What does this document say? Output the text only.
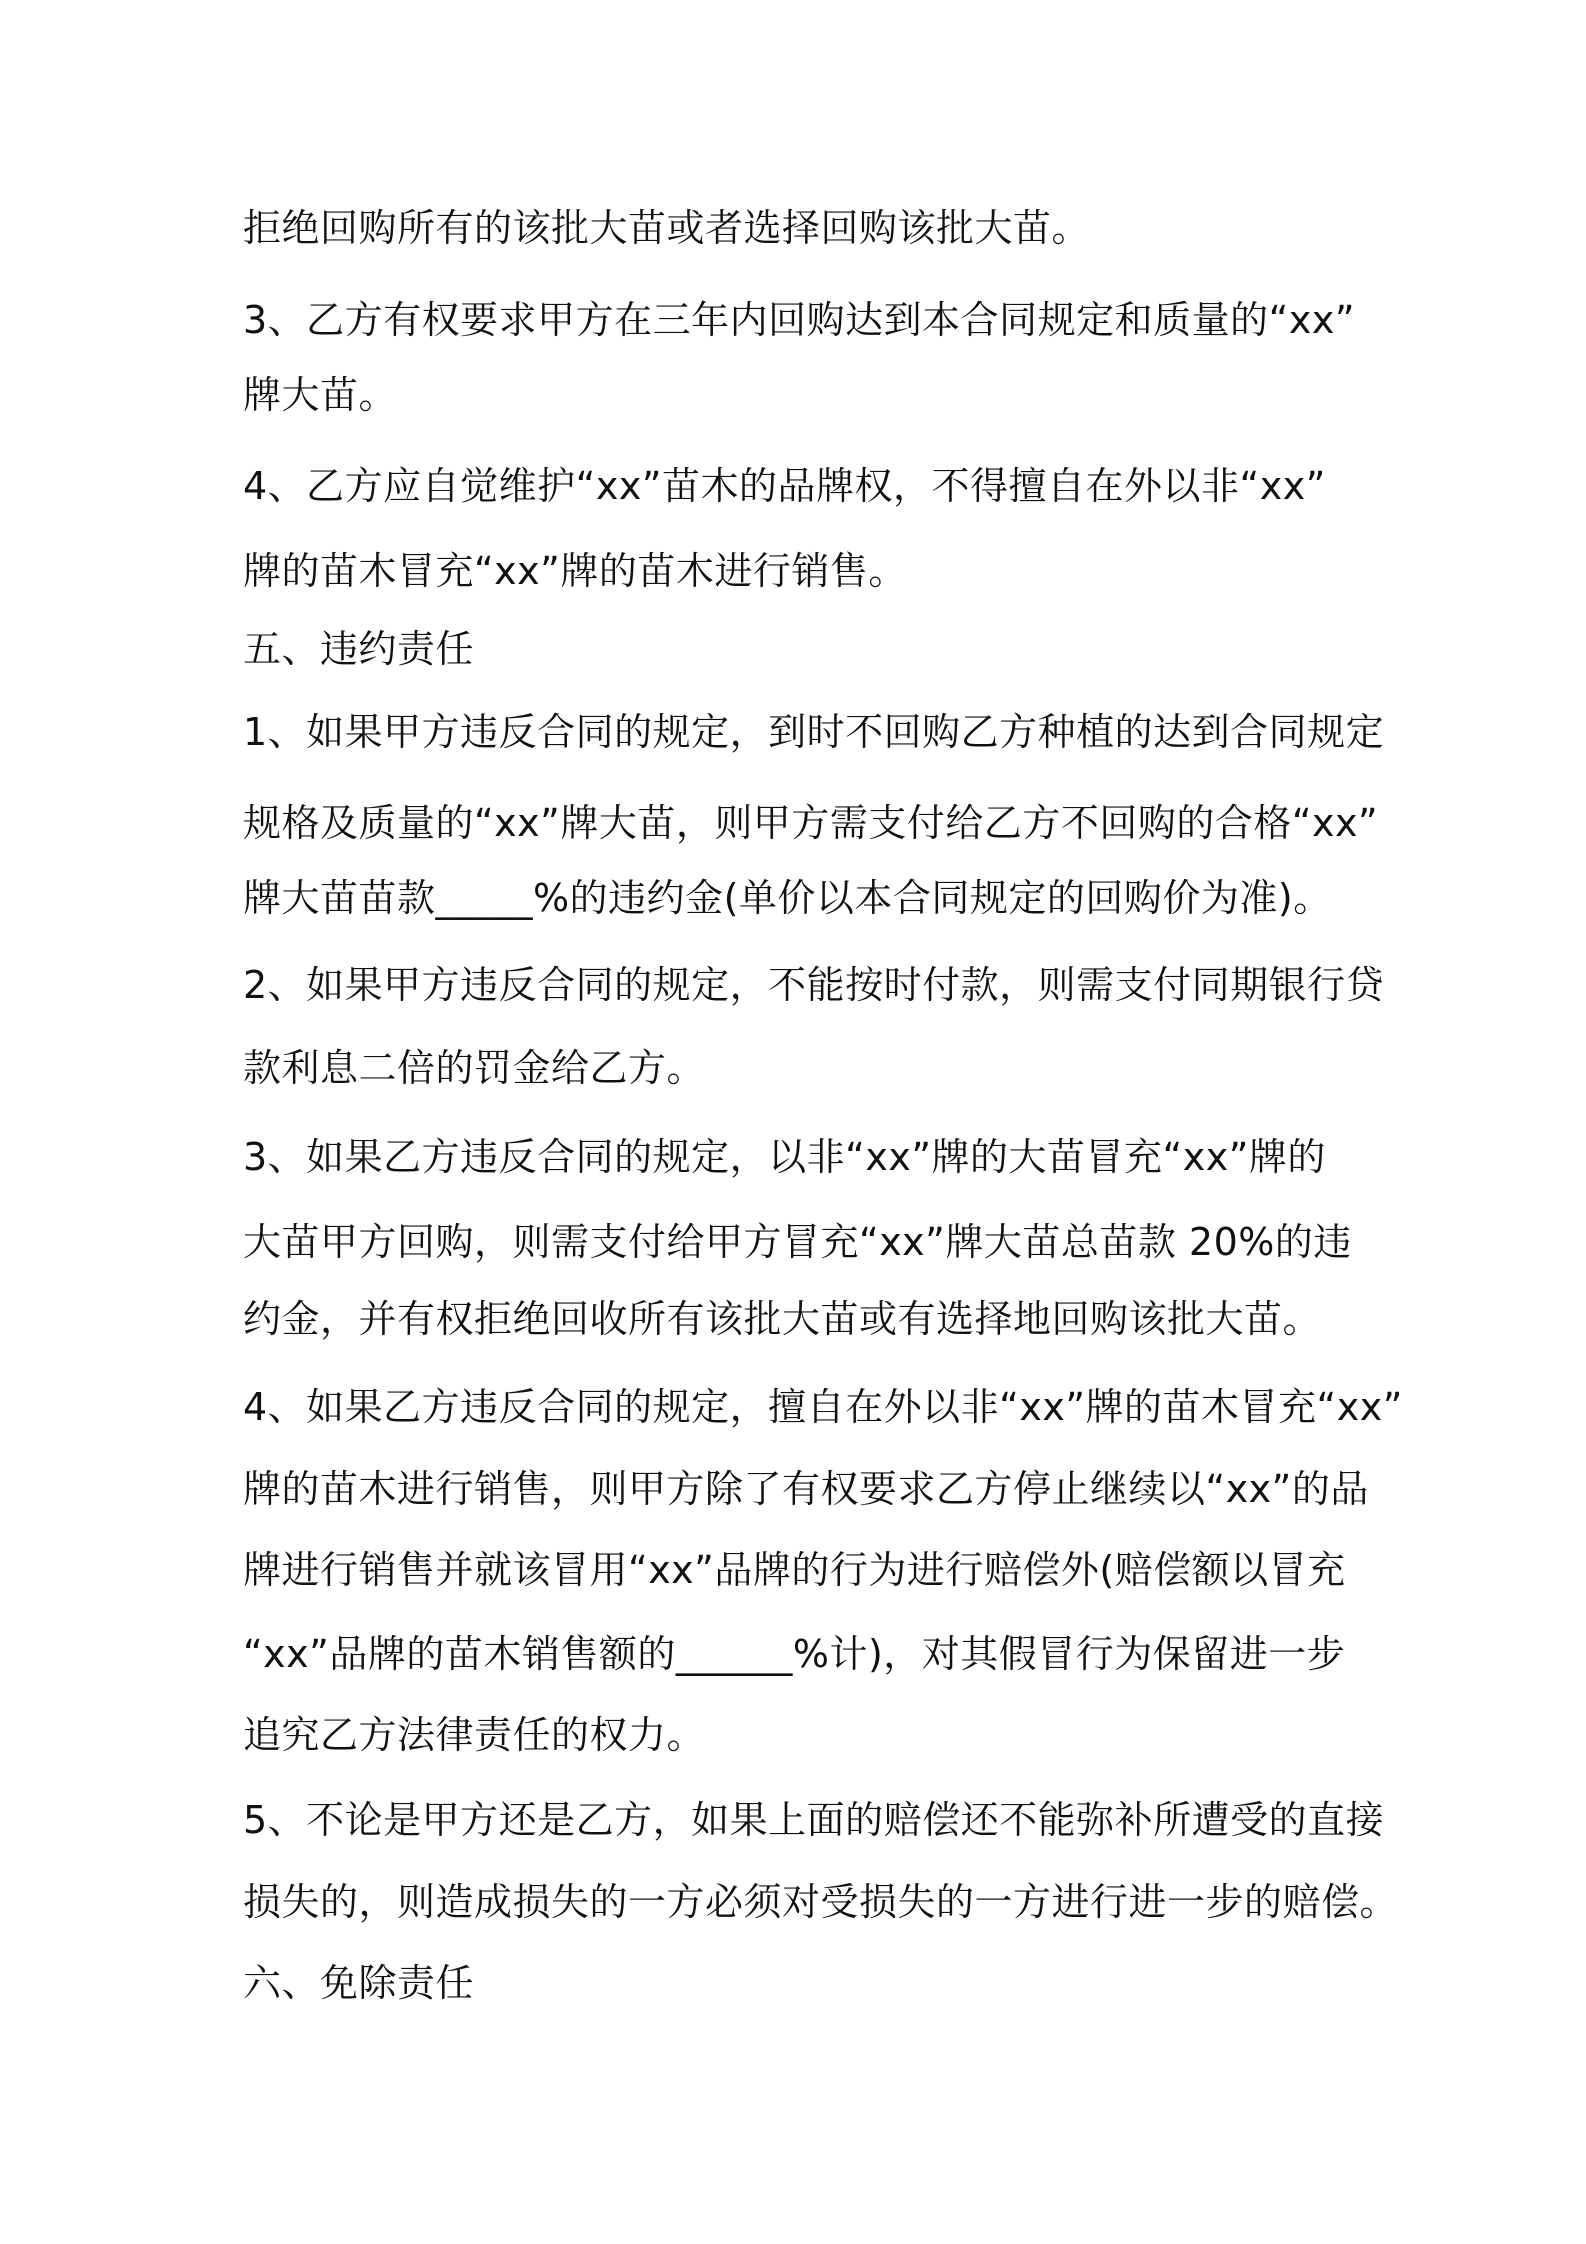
拒绝回购所有的该批大苗或者选择回购该批大苗。
3、乙方有权要求甲方在三年内回购达到本合同规定和质量的“xx”
牌大苗。
4、乙方应自觉维护“xx”苗木的品牌权，不得擅自在外以非“xx”
牌的苗木冒充“xx”牌的苗木进行销售。
五、违约责任
1、如果甲方违反合同的规定，到时不回购乙方种植的达到合同规定
规格及质量的“xx”牌大苗，则甲方需支付给乙方不回购的合格“xx”
牌大苗苗款_____%的违约金(单价以本合同规定的回购价为准)。
2、如果甲方违反合同的规定，不能按时付款，则需支付同期银行贷
款利息二倍的罚金给乙方。
3、如果乙方违反合同的规定，以非“xx”牌的大苗冒充“xx”牌的
大苗甲方回购，则需支付给甲方冒充“xx”牌大苗总苗款 20%的违
约金，并有权拒绝回收所有该批大苗或有选择地回购该批大苗。
4、如果乙方违反合同的规定，擅自在外以非“xx”牌的苗木冒充“xx”
牌的苗木进行销售，则甲方除了有权要求乙方停止继续以“xx”的品
牌进行销售并就该冒用“xx”品牌的行为进行赔偿外(赔偿额以冒充
“xx”品牌的苗木销售额的______%计)，对其假冒行为保留进一步
追究乙方法律责任的权力。
5、不论是甲方还是乙方，如果上面的赔偿还不能弥补所遭受的直接
损失的，则造成损失的一方必须对受损失的一方进行进一步的赔偿。
六、免除责任
